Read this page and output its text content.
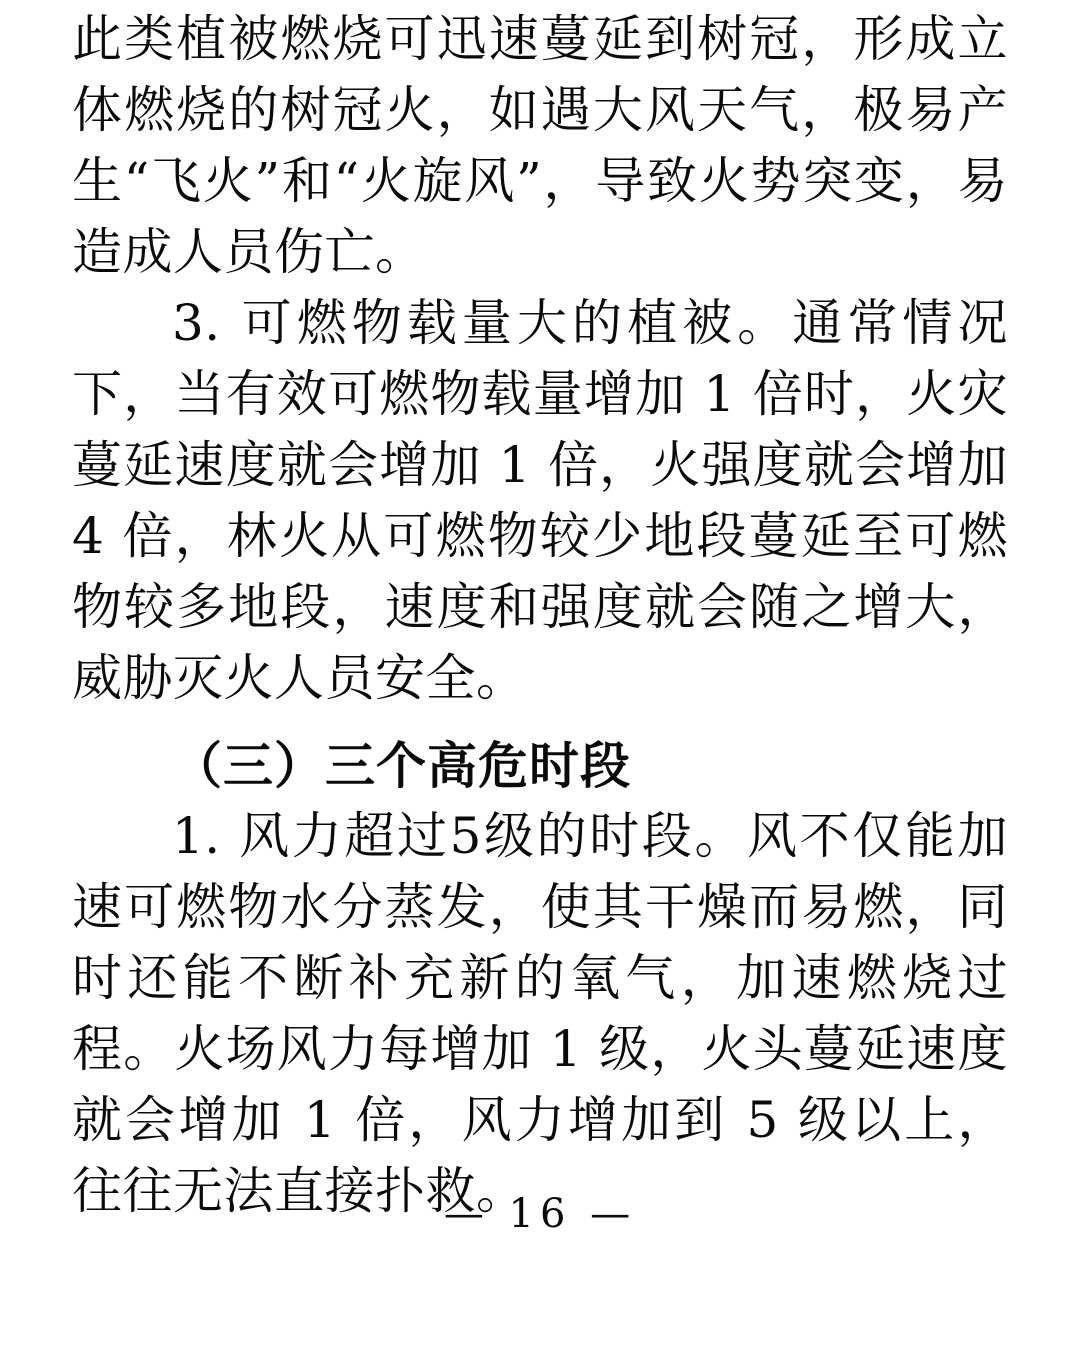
此类植被燃烧可迅速蔓延到树冠，形成立体燃烧的树冠火，如遇大风天气，极易产生“飞火”和“火旋风”，导致火势突变，易造成人员伤亡。

3. 可燃物载量大的植被。通常情况下，当有效可燃物载量增加 1 倍时，火灾蔓延速度就会增加 1 倍，火强度就会增加 4 倍，林火从可燃物较少地段蔓延至可燃物较多地段，速度和强度就会随之增大，威胁灭火人员安全。

（三）三个高危时段

1. 风力超过5级的时段。风不仅能加速可燃物水分蒸发，使其干燥而易燃，同时还能不断补充新的氧气，加速燃烧过程。火场风力每增加 1 级，火头蔓延速度就会增加 1 倍，风力增加到 5 级以上，往往无法直接扑救。

— 16 —
